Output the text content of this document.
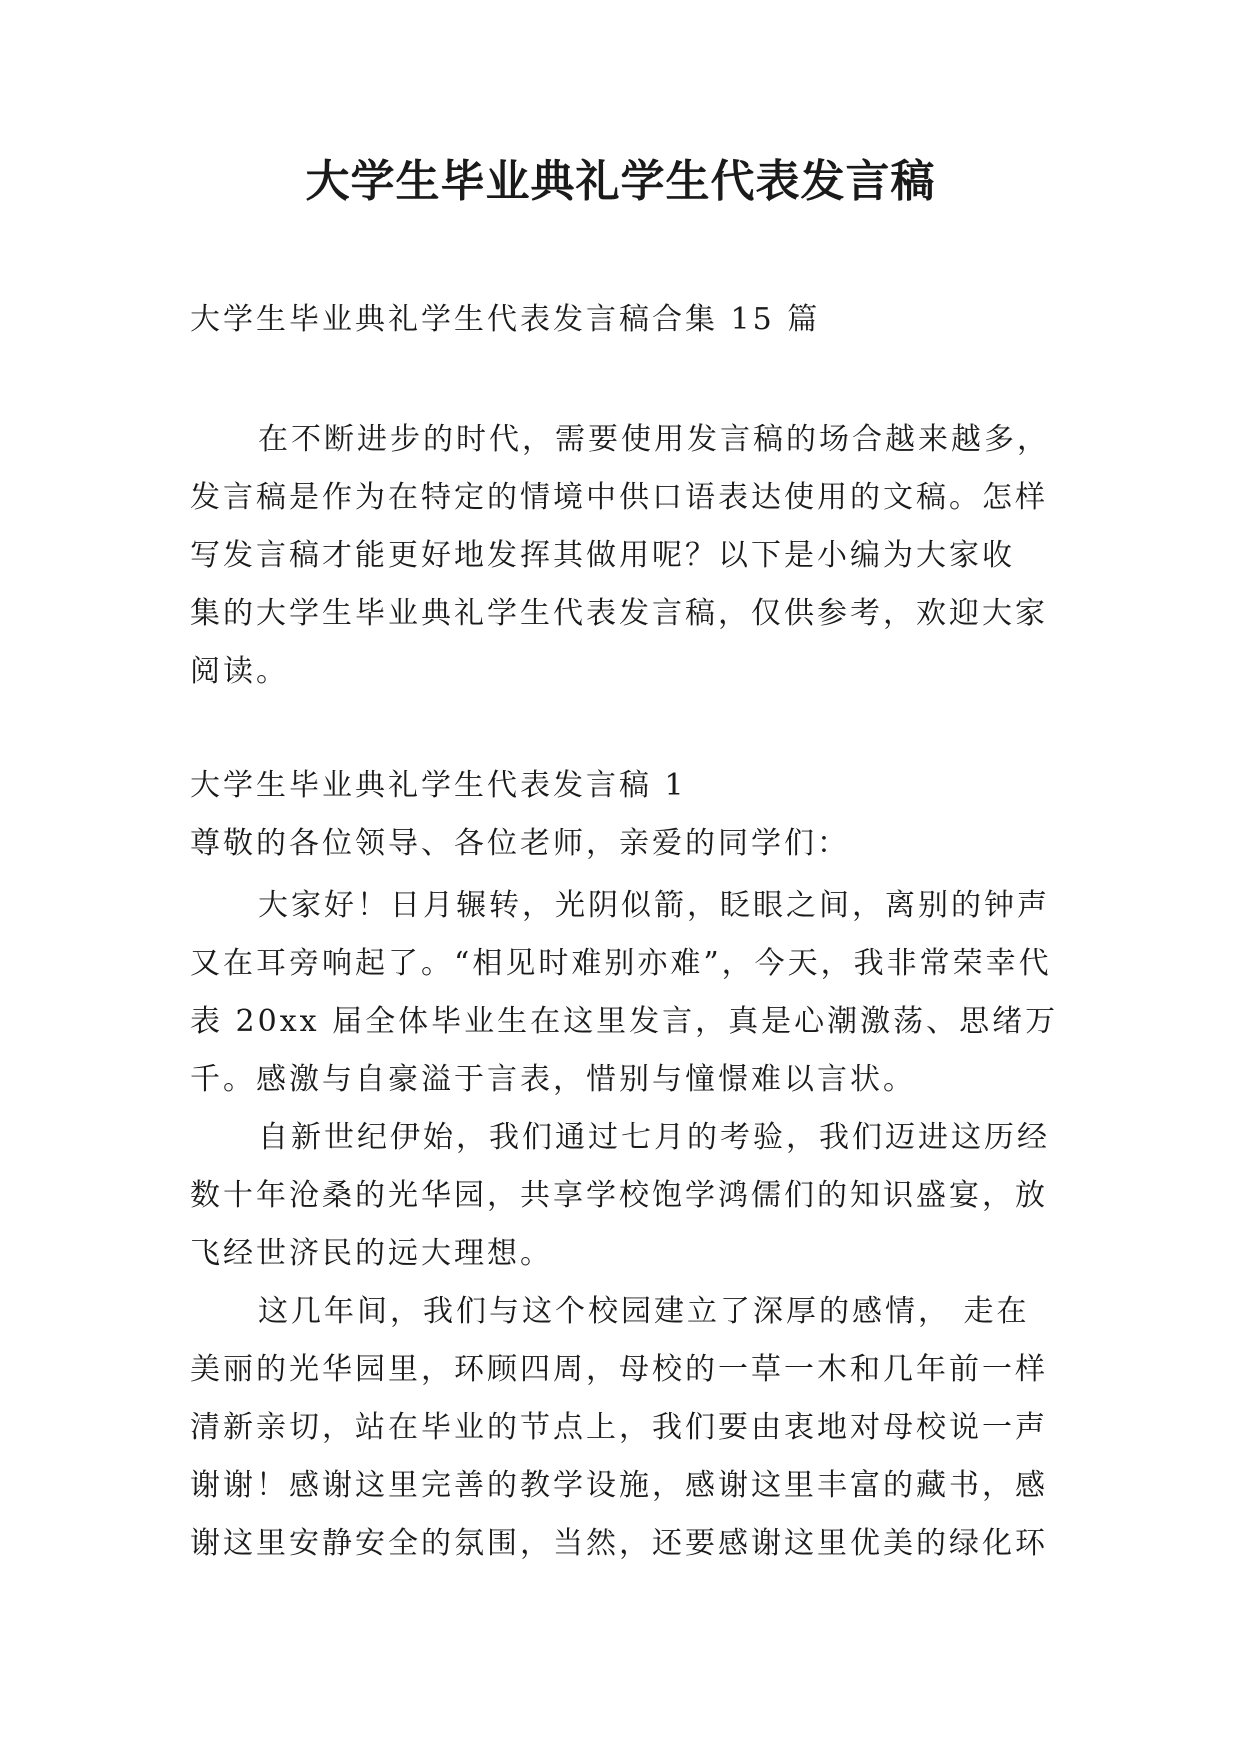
大学生毕业典礼学生代表发言稿

大学生毕业典礼学生代表发言稿合集 15 篇

在不断进步的时代，需要使用发言稿的场合越来越多，

发言稿是作为在特定的情境中供口语表达使用的文稿。怎样

写发言稿才能更好地发挥其做用呢？以下是小编为大家收

集的大学生毕业典礼学生代表发言稿，仅供参考，欢迎大家

阅读。

大学生毕业典礼学生代表发言稿 1

尊敬的各位领导、各位老师，亲爱的同学们：

大家好！日月辗转，光阴似箭，眨眼之间，离别的钟声

又在耳旁响起了。“相见时难别亦难”，今天，我非常荣幸代

表 20xx 届全体毕业生在这里发言，真是心潮激荡、思绪万

千。感激与自豪溢于言表，惜别与憧憬难以言状。

自新世纪伊始，我们通过七月的考验，我们迈进这历经

数十年沧桑的光华园，共享学校饱学鸿儒们的知识盛宴，放

飞经世济民的远大理想。

这几年间，我们与这个校园建立了深厚的感情， 走在

美丽的光华园里，环顾四周，母校的一草一木和几年前一样

清新亲切，站在毕业的节点上，我们要由衷地对母校说一声

谢谢！感谢这里完善的教学设施，感谢这里丰富的藏书，感

谢这里安静安全的氛围，当然，还要感谢这里优美的绿化环
